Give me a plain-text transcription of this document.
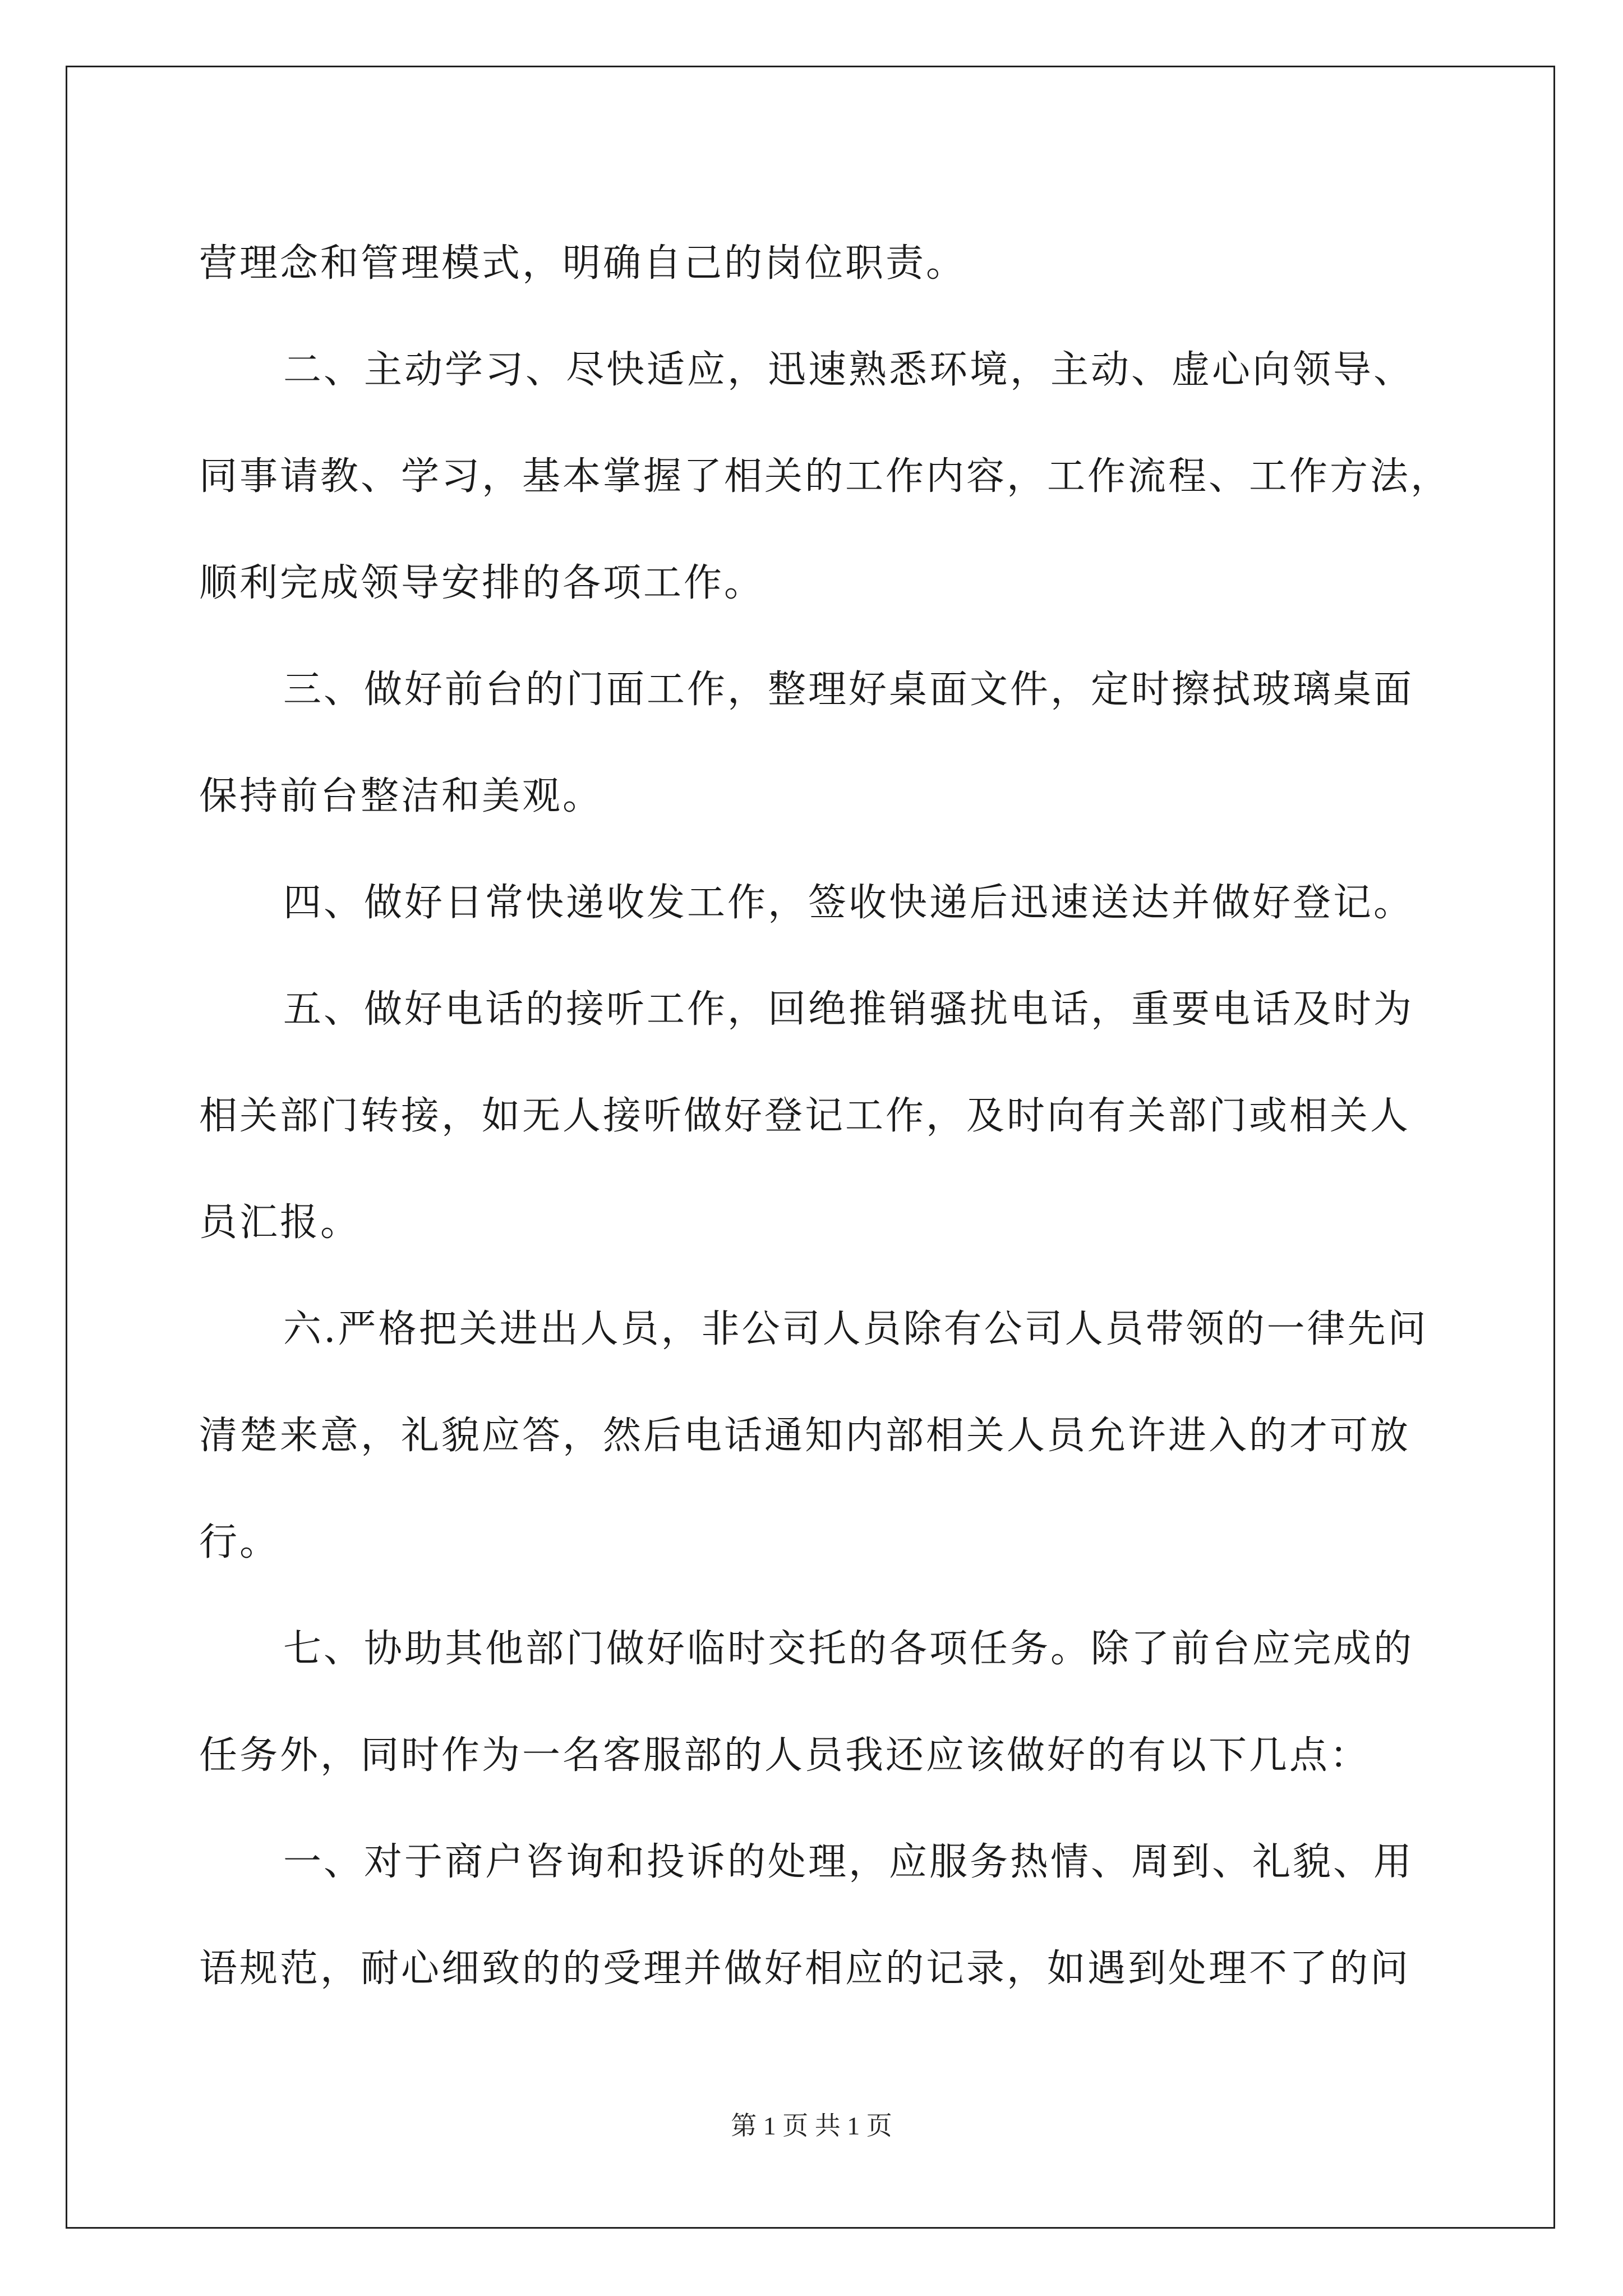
营理念和管理模式，明确自己的岗位职责。
二、主动学习、尽快适应，迅速熟悉环境，主动、虚心向领导、
同事请教、学习，基本掌握了相关的工作内容，工作流程、工作方法，
顺利完成领导安排的各项工作。
三、做好前台的门面工作，整理好桌面文件，定时擦拭玻璃桌面
保持前台整洁和美观。
四、做好日常快递收发工作，签收快递后迅速送达并做好登记。
五、做好电话的接听工作，回绝推销骚扰电话，重要电话及时为
相关部门转接，如无人接听做好登记工作，及时向有关部门或相关人
员汇报。
六.严格把关进出人员，非公司人员除有公司人员带领的一律先问
清楚来意，礼貌应答，然后电话通知内部相关人员允许进入的才可放
行。
七、协助其他部门做好临时交托的各项任务。除了前台应完成的
任务外，同时作为一名客服部的人员我还应该做好的有以下几点：
一、对于商户咨询和投诉的处理，应服务热情、周到、礼貌、用
语规范，耐心细致的的受理并做好相应的记录，如遇到处理不了的问
第 1 页 共 1 页
